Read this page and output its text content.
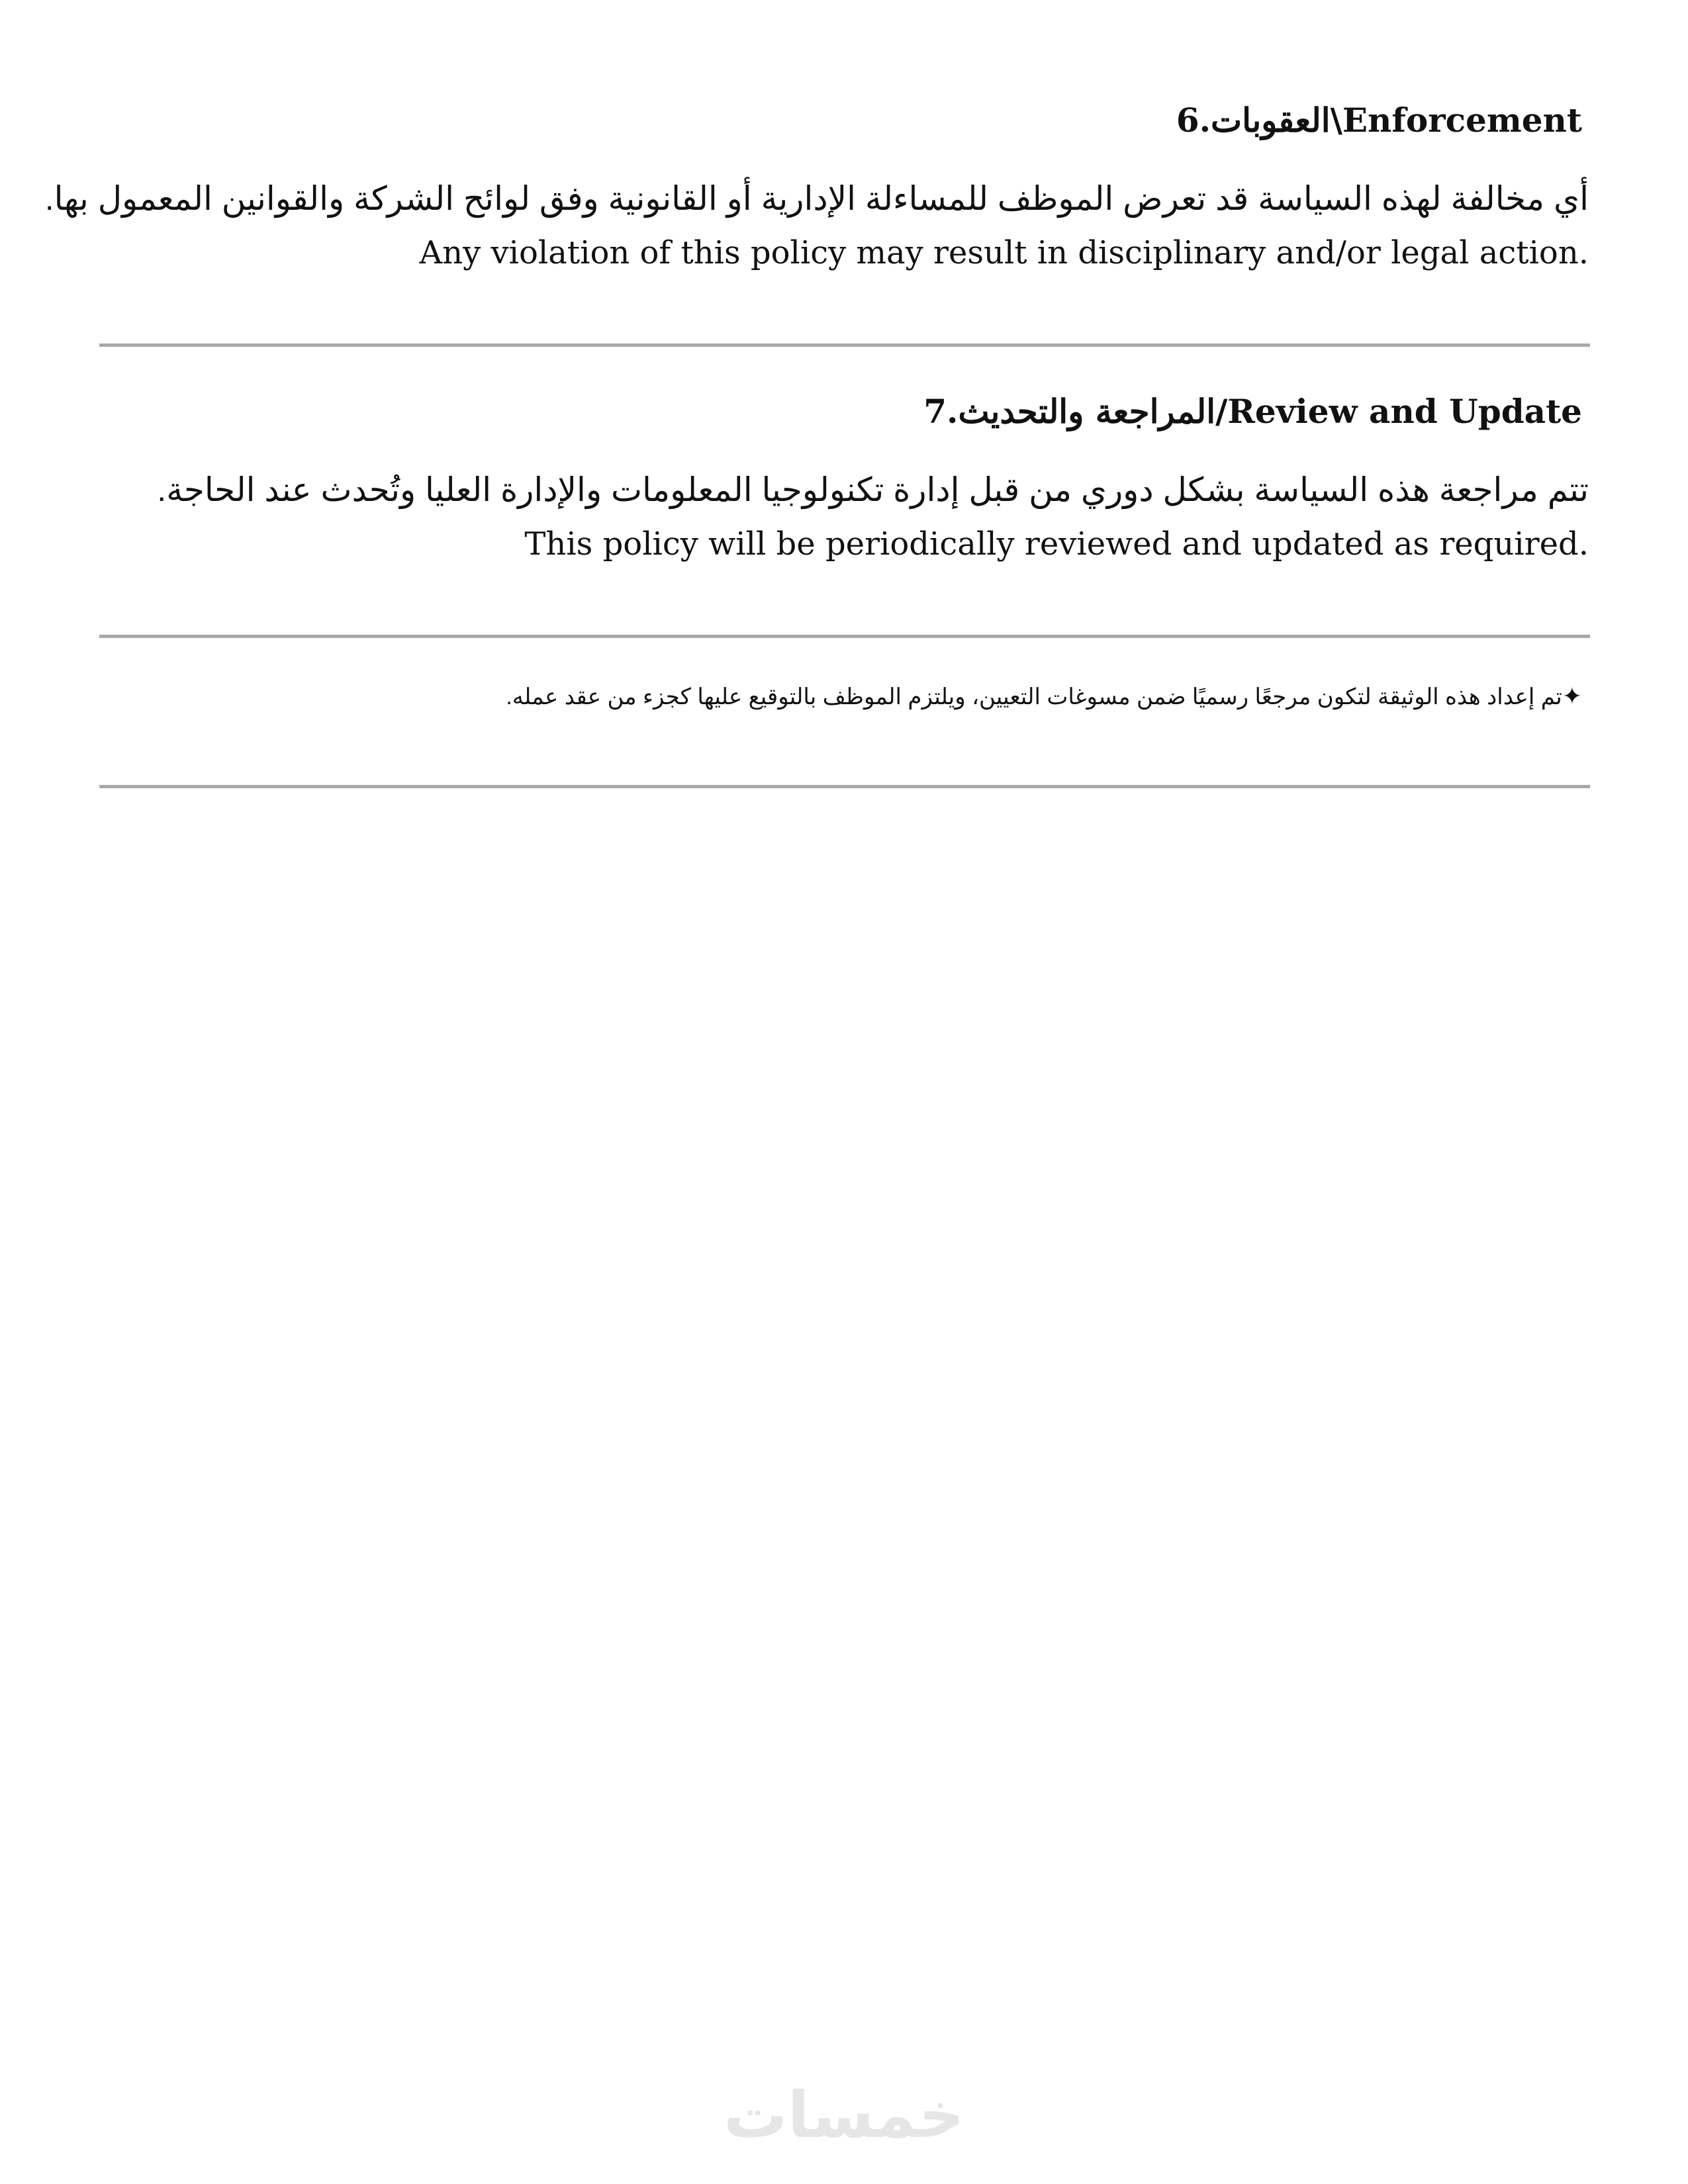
6.العقوبات\Enforcement
أي مخالفة لهذه السياسة قد تعرض الموظف للمساءلة الإدارية أو القانونية وفق لوائح الشركة والقوانين المعمول بها.
Any violation of this policy may result in disciplinary and/or legal action.
7.المراجعة والتحديث/Review and Update
تتم مراجعة هذه السياسة بشكل دوري من قبل إدارة تكنولوجيا المعلومات والإدارة العليا وتُحدث عند الحاجة.
This policy will be periodically reviewed and updated as required.
✦تم إعداد هذه الوثيقة لتكون مرجعًا رسميًا ضمن مسوغات التعيين، ويلتزم الموظف بالتوقيع عليها كجزء من عقد عمله.
خمسات
